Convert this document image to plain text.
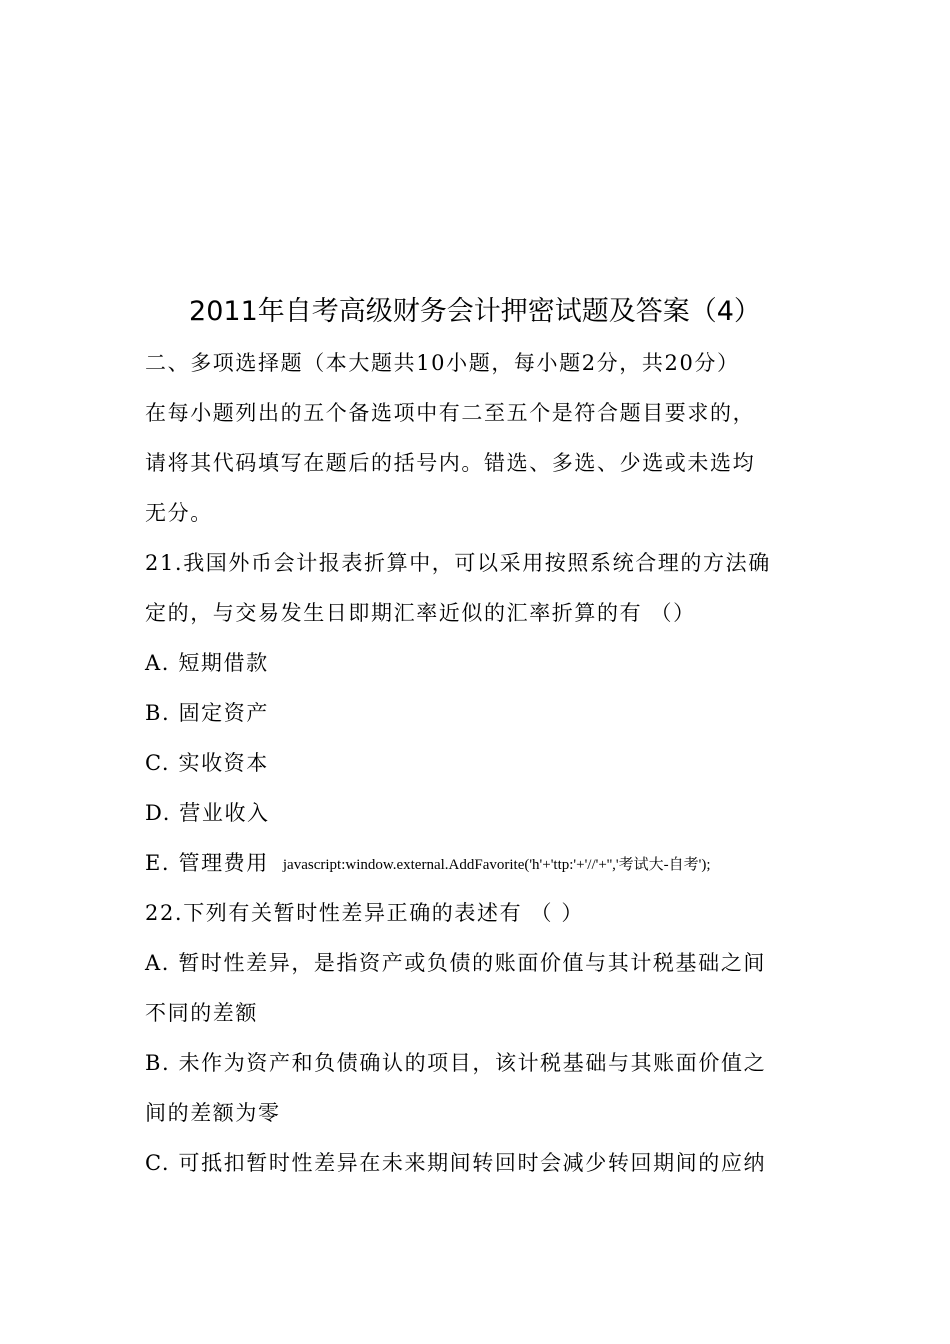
2011年自考高级财务会计押密试题及答案（4）
二、多项选择题（本大题共10小题，每小题2分，共20分）
在每小题列出的五个备选项中有二至五个是符合题目要求的，
请将其代码填写在题后的括号内。错选、多选、少选或未选均
无分。
21.我国外币会计报表折算中，可以采用按照系统合理的方法确
定的，与交易发生日即期汇率近似的汇率折算的有 （）
A. 短期借款
B. 固定资产
C. 实收资本
D. 营业收入
E. 管理费用 javascript:window.external.AddFavorite('h'+'ttp:'+'//'+'','考试大-自考');
22.下列有关暂时性差异正确的表述有 （ ）
A. 暂时性差异，是指资产或负债的账面价值与其计税基础之间
不同的差额
B. 未作为资产和负债确认的项目，该计税基础与其账面价值之
间的差额为零
C. 可抵扣暂时性差异在未来期间转回时会减少转回期间的应纳
